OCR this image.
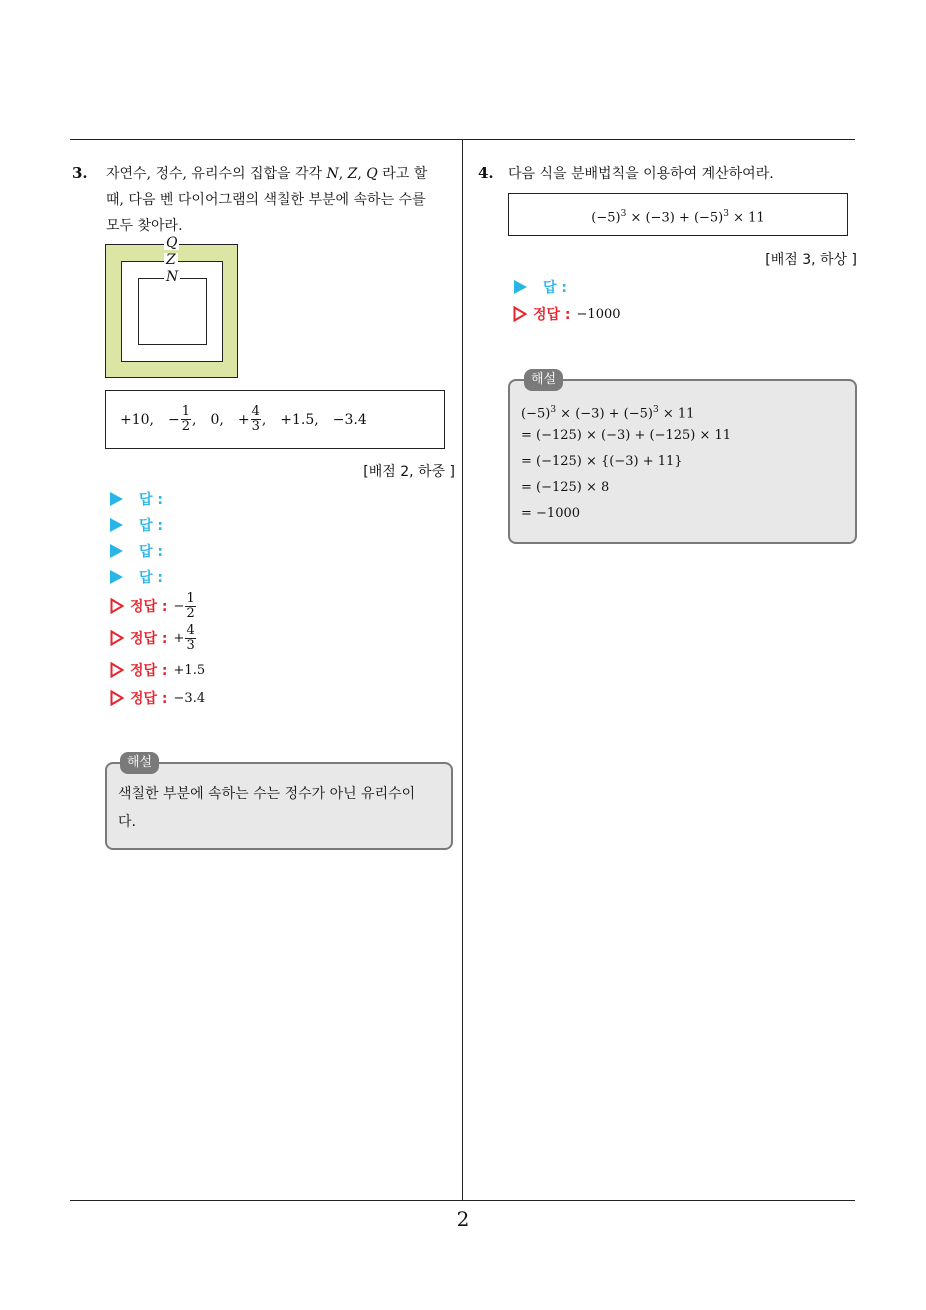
3. 자연수, 정수, 유리수의 집합을 각각 N, Z, Q 라고 할
때, 다음 벤 다이어그램의 색칠한 부분에 속하는 수를
모두 찾아라.
Q
Z
N
+10, − $\frac{1}{2}$ , 0, + $\frac{4}{3}$ , +1.5, −3.4
[배점 2, 하중 ]
답 :
답 :
답 :
답 :
정답 : − $\frac{1}{2}$
정답 : + $\frac{4}{3}$
정답 : +1.5
정답 : −3.4
해설
색칠한 부분에 속하는 수는 정수가 아닌 유리수이
다.
4. 다음 식을 분배법칙을 이용하여 계산하여라.
$(-5)^3 \times (-3) + (-5)^3 \times 11$
[배점 3, 하상 ]
답 :
정답 : −1000
해설
$(-5)^3 \times (-3) + (-5)^3 \times 11$
= (−125) × (−3) + (−125) × 11
= (−125) × {(−3) + 11}
= (−125) × 8
= −1000
2
